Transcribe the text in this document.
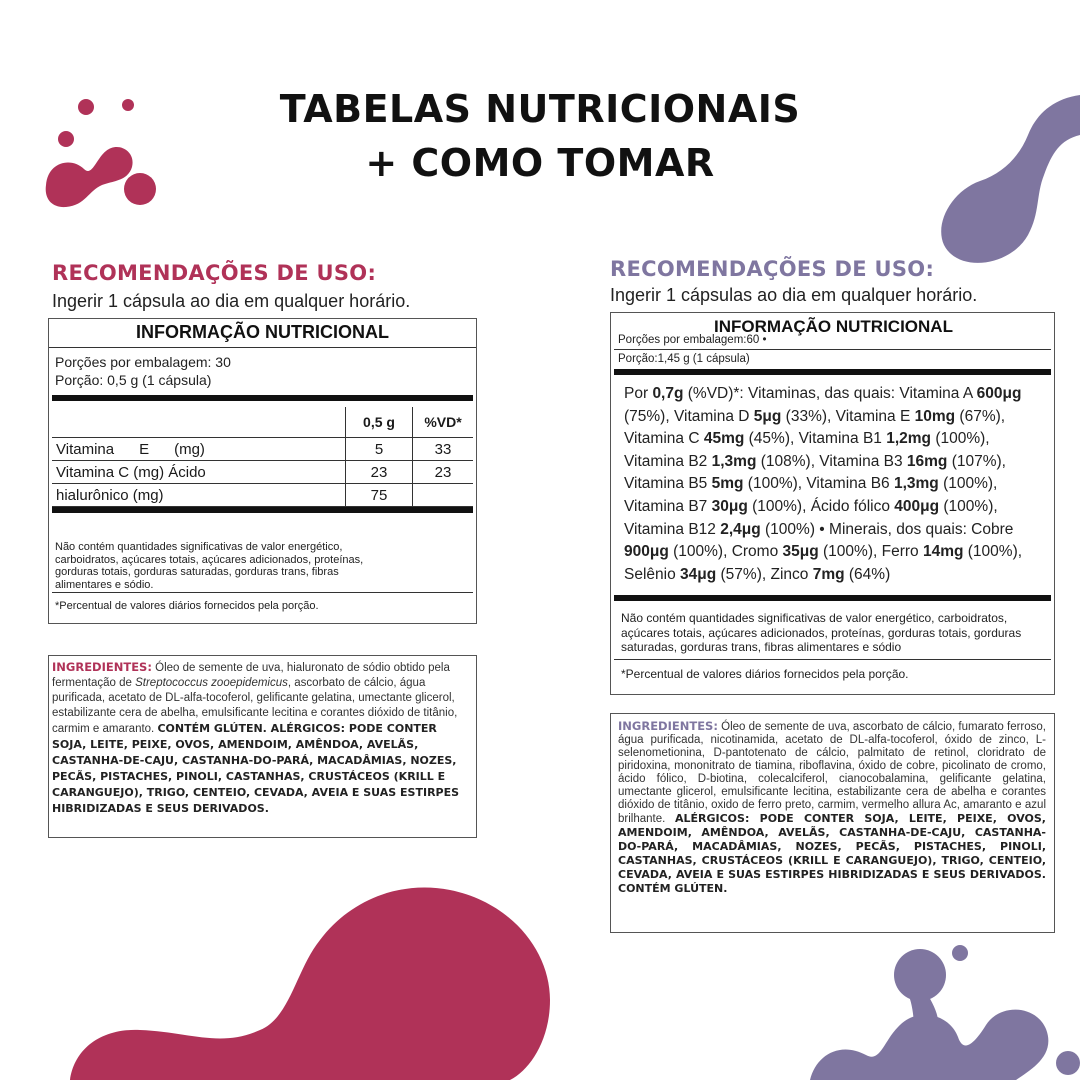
TABELAS NUTRICIONAIS
+ COMO TOMAR
RECOMENDAÇÕES DE USO:
Ingerir 1 cápsula ao dia em qualquer horário.
INFORMAÇÃO NUTRICIONAL
Porções por embalagem: 30
Porção: 0,5 g (1 cápsula)
	0,5 g	%VD*
Vitamina      E      (mg)	5	33
Vitamina C (mg) Ácido	23	23
hialurônico (mg)	75	
Não contém quantidades significativas de valor energético, carboidratos, açúcares totais, açúcares adicionados, proteínas, gorduras totais, gorduras saturadas, gorduras trans, fibras alimentares e sódio.
*Percentual de valores diários fornecidos pela porção.
INGREDIENTES: Óleo de semente de uva, hialuronato de sódio obtido pela fermentação de Streptococcus zooepidemicus, ascorbato de cálcio, água purificada, acetato de DL-alfa-tocoferol, gelificante gelatina, umectante glicerol, estabilizante cera de abelha, emulsificante lecitina e corantes dióxido de titânio, carmim e amaranto. CONTÉM GLÚTEN. ALÉRGICOS: PODE CONTER SOJA, LEITE, PEIXE, OVOS, AMENDOIM, AMÊNDOA, AVELÃS, CASTANHA-DE-CAJU, CASTANHA-DO-PARÁ, MACADÂMIAS, NOZES, PECÃS, PISTACHES, PINOLI, CASTANHAS, CRUSTÁCEOS (KRILL E CARANGUEJO), TRIGO, CENTEIO, CEVADA, AVEIA E SUAS ESTIRPES HIBRIDIZADAS E SEUS DERIVADOS.
RECOMENDAÇÕES DE USO:
Ingerir 1 cápsulas ao dia em qualquer horário.
INFORMAÇÃO NUTRICIONAL
Porções por embalagem:60 •
Porção:1,45 g (1 cápsula)
Por 0,7g (%VD)*: Vitaminas, das quais: Vitamina A 600μg (75%), Vitamina D 5μg (33%), Vitamina E 10mg (67%), Vitamina C 45mg (45%), Vitamina B1 1,2mg (100%), Vitamina B2 1,3mg (108%), Vitamina B3 16mg (107%), Vitamina B5 5mg (100%), Vitamina B6 1,3mg (100%), Vitamina B7 30μg (100%), Ácido fólico 400μg (100%), Vitamina B12 2,4μg (100%) • Minerais, dos quais: Cobre 900μg (100%), Cromo 35μg (100%), Ferro 14mg (100%), Selênio 34μg (57%), Zinco 7mg (64%)
Não contém quantidades significativas de valor energético, carboidratos, açúcares totais, açúcares adicionados, proteínas, gorduras totais, gorduras saturadas, gorduras trans, fibras alimentares e sódio
*Percentual de valores diários fornecidos pela porção.
INGREDIENTES: Óleo de semente de uva, ascorbato de cálcio, fumarato ferroso, água purificada, nicotinamida, acetato de DL-alfa-tocoferol, óxido de zinco, L- selenometionina, D-pantotenato de cálcio, palmitato de retinol, cloridrato de piridoxina, mononitrato de tiamina, riboflavina, óxido de cobre, picolinato de cromo, ácido fólico, D-biotina, colecalciferol, cianocobalamina, gelificante gelatina, umectante glicerol, emulsificante lecitina, estabilizante cera de abelha e corantes dióxido de titânio, oxido de ferro preto, carmim, vermelho allura Ac, amaranto e azul brilhante. ALÉRGICOS: PODE CONTER SOJA, LEITE, PEIXE, OVOS, AMENDOIM, AMÊNDOA, AVELÃS, CASTANHA-DE-CAJU, CASTANHA-DO-PARÁ, MACADÂMIAS, NOZES, PECÃS, PISTACHES, PINOLI, CASTANHAS, CRUSTÁCEOS (KRILL E CARANGUEJO), TRIGO, CENTEIO, CEVADA, AVEIA E SUAS ESTIRPES HIBRIDIZADAS E SEUS DERIVADOS. CONTÉM GLÚTEN.
